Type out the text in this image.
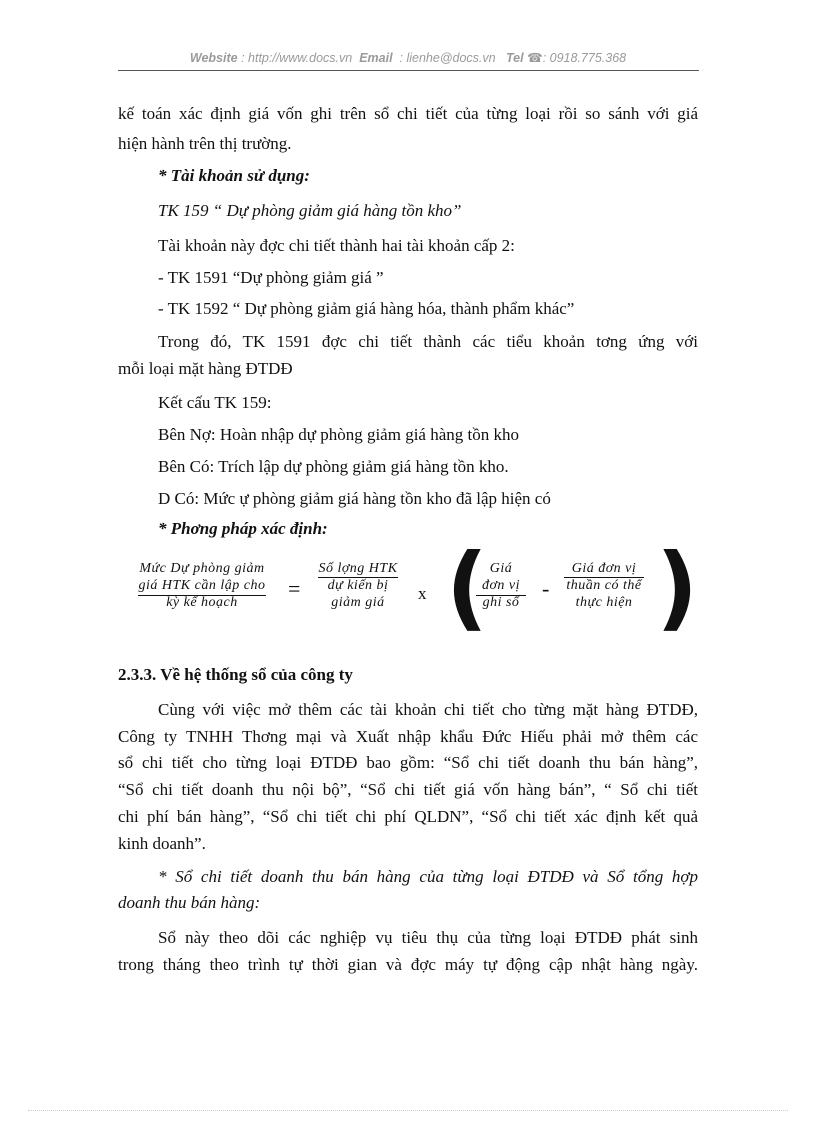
Website : http://www.docs.vn Email : lienhe@docs.vn Tel ☎: 0918.775.368
kế toán xác định giá vốn ghi trên sổ chi tiết của từng loại rồi so sánh với giá
hiện hành trên thị trường.
* Tài khoản sử dụng:
TK 159 “ Dự phòng giảm giá hàng tồn kho”
Tài khoản này đợc chi tiết thành hai tài khoản cấp 2:
- TK 1591 “Dự phòng giảm giá ”
- TK 1592 “ Dự phòng giảm giá hàng hóa, thành phẩm khác”
Trong đó, TK 1591 đợc chi tiết thành các tiểu khoản tơng ứng với
mỗi loại mặt hàng ĐTDĐ
Kết cấu TK 159:
Bên Nợ: Hoàn nhập dự phòng giảm giá hàng tồn kho
Bên Có: Trích lập dự phòng giảm giá hàng tồn kho.
D Có: Mức ự phòng giảm giá hàng tồn kho đã lập hiện có
* Phơng pháp xác định:
Mức Dự phòng giảm
giá HTK cần lập cho
kỳ kế hoạch
=
Số lợng HTK
dự kiến bị
giảm giá	x ( Giá
đơn vị
ghi sổ
-
Giá đơn vị
thuần có thể
thực hiện )
2.3.3. Về hệ thống sổ của công ty
Cùng với việc mở thêm các tài khoản chi tiết cho từng mặt hàng ĐTDĐ,
Công ty TNHH Thơng mại và Xuất nhập khẩu Đức Hiếu phải mở thêm các
sổ chi tiết cho từng loại ĐTDĐ bao gồm: “Sổ chi tiết doanh thu bán hàng”,
“Sổ chi tiết doanh thu nội bộ”, “Sổ chi tiết giá vốn hàng bán”, “ Sổ chi tiết
chi phí bán hàng”, “Sổ chi tiết chi phí QLDN”, “Sổ chi tiết xác định kết quả
kinh doanh”.
* Sổ chi tiết doanh thu bán hàng của từng loại ĐTDĐ và Sổ tổng hợp
doanh thu bán hàng:
Sổ này theo dõi các nghiệp vụ tiêu thụ của từng loại ĐTDĐ phát sinh
trong tháng theo trình tự thời gian và đợc máy tự động cập nhật hàng ngày.
